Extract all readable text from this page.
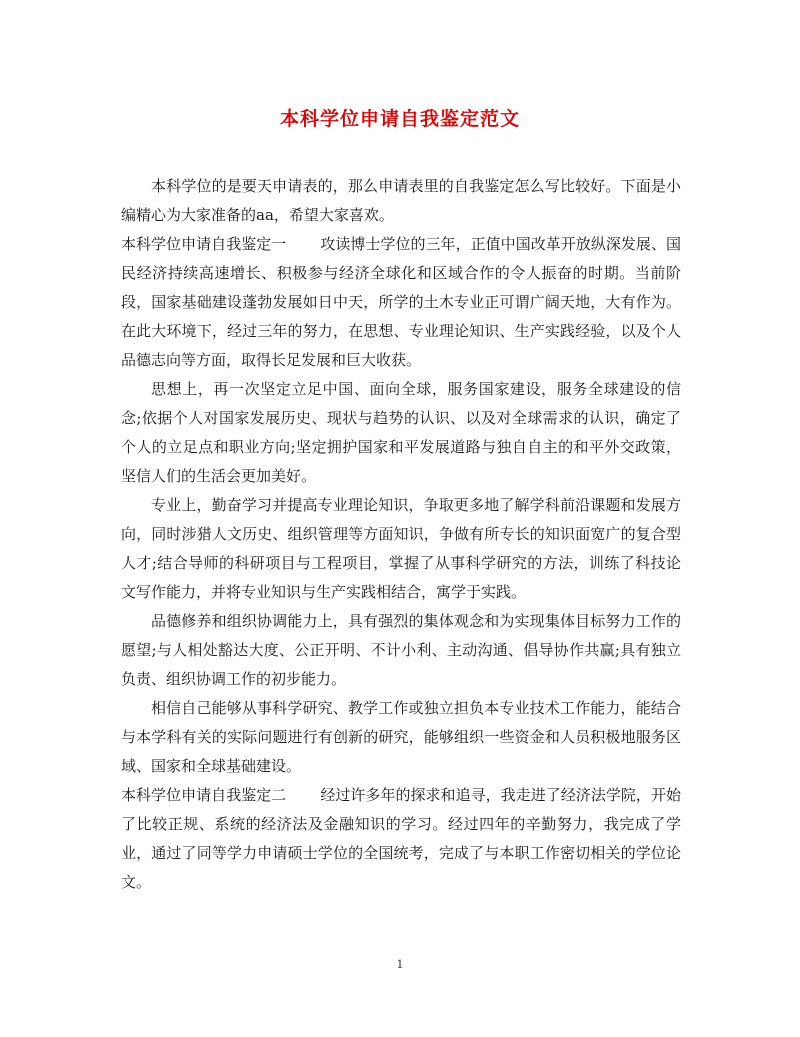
本科学位申请自我鉴定范文

本科学位的是要天申请表的，那么申请表里的自我鉴定怎么写比较好。下面是小编精心为大家准备的aa，希望大家喜欢。

本科学位申请自我鉴定一 攻读博士学位的三年，正值中国改革开放纵深发展、国民经济持续高速增长、积极参与经济全球化和区域合作的令人振奋的时期。当前阶段，国家基础建设蓬勃发展如日中天，所学的土木专业正可谓广阔天地，大有作为。在此大环境下，经过三年的努力，在思想、专业理论知识、生产实践经验，以及个人品德志向等方面，取得长足发展和巨大收获。

思想上，再一次坚定立足中国、面向全球，服务国家建设，服务全球建设的信念;依据个人对国家发展历史、现状与趋势的认识、以及对全球需求的认识，确定了个人的立足点和职业方向;坚定拥护国家和平发展道路与独自自主的和平外交政策，坚信人们的生活会更加美好。

专业上，勤奋学习并提高专业理论知识，争取更多地了解学科前沿课题和发展方向，同时涉猎人文历史、组织管理等方面知识，争做有所专长的知识面宽广的复合型人才;结合导师的科研项目与工程项目，掌握了从事科学研究的方法，训练了科技论文写作能力，并将专业知识与生产实践相结合，寓学于实践。

品德修养和组织协调能力上，具有强烈的集体观念和为实现集体目标努力工作的愿望;与人相处豁达大度、公正开明、不计小利、主动沟通、倡导协作共赢;具有独立负责、组织协调工作的初步能力。

相信自己能够从事科学研究、教学工作或独立担负本专业技术工作能力，能结合与本学科有关的实际问题进行有创新的研究，能够组织一些资金和人员积极地服务区域、国家和全球基础建设。

本科学位申请自我鉴定二 经过许多年的探求和追寻，我走进了经济法学院，开始了比较正规、系统的经济法及金融知识的学习。经过四年的辛勤努力，我完成了学业，通过了同等学力申请硕士学位的全国统考，完成了与本职工作密切相关的学位论文。

1
